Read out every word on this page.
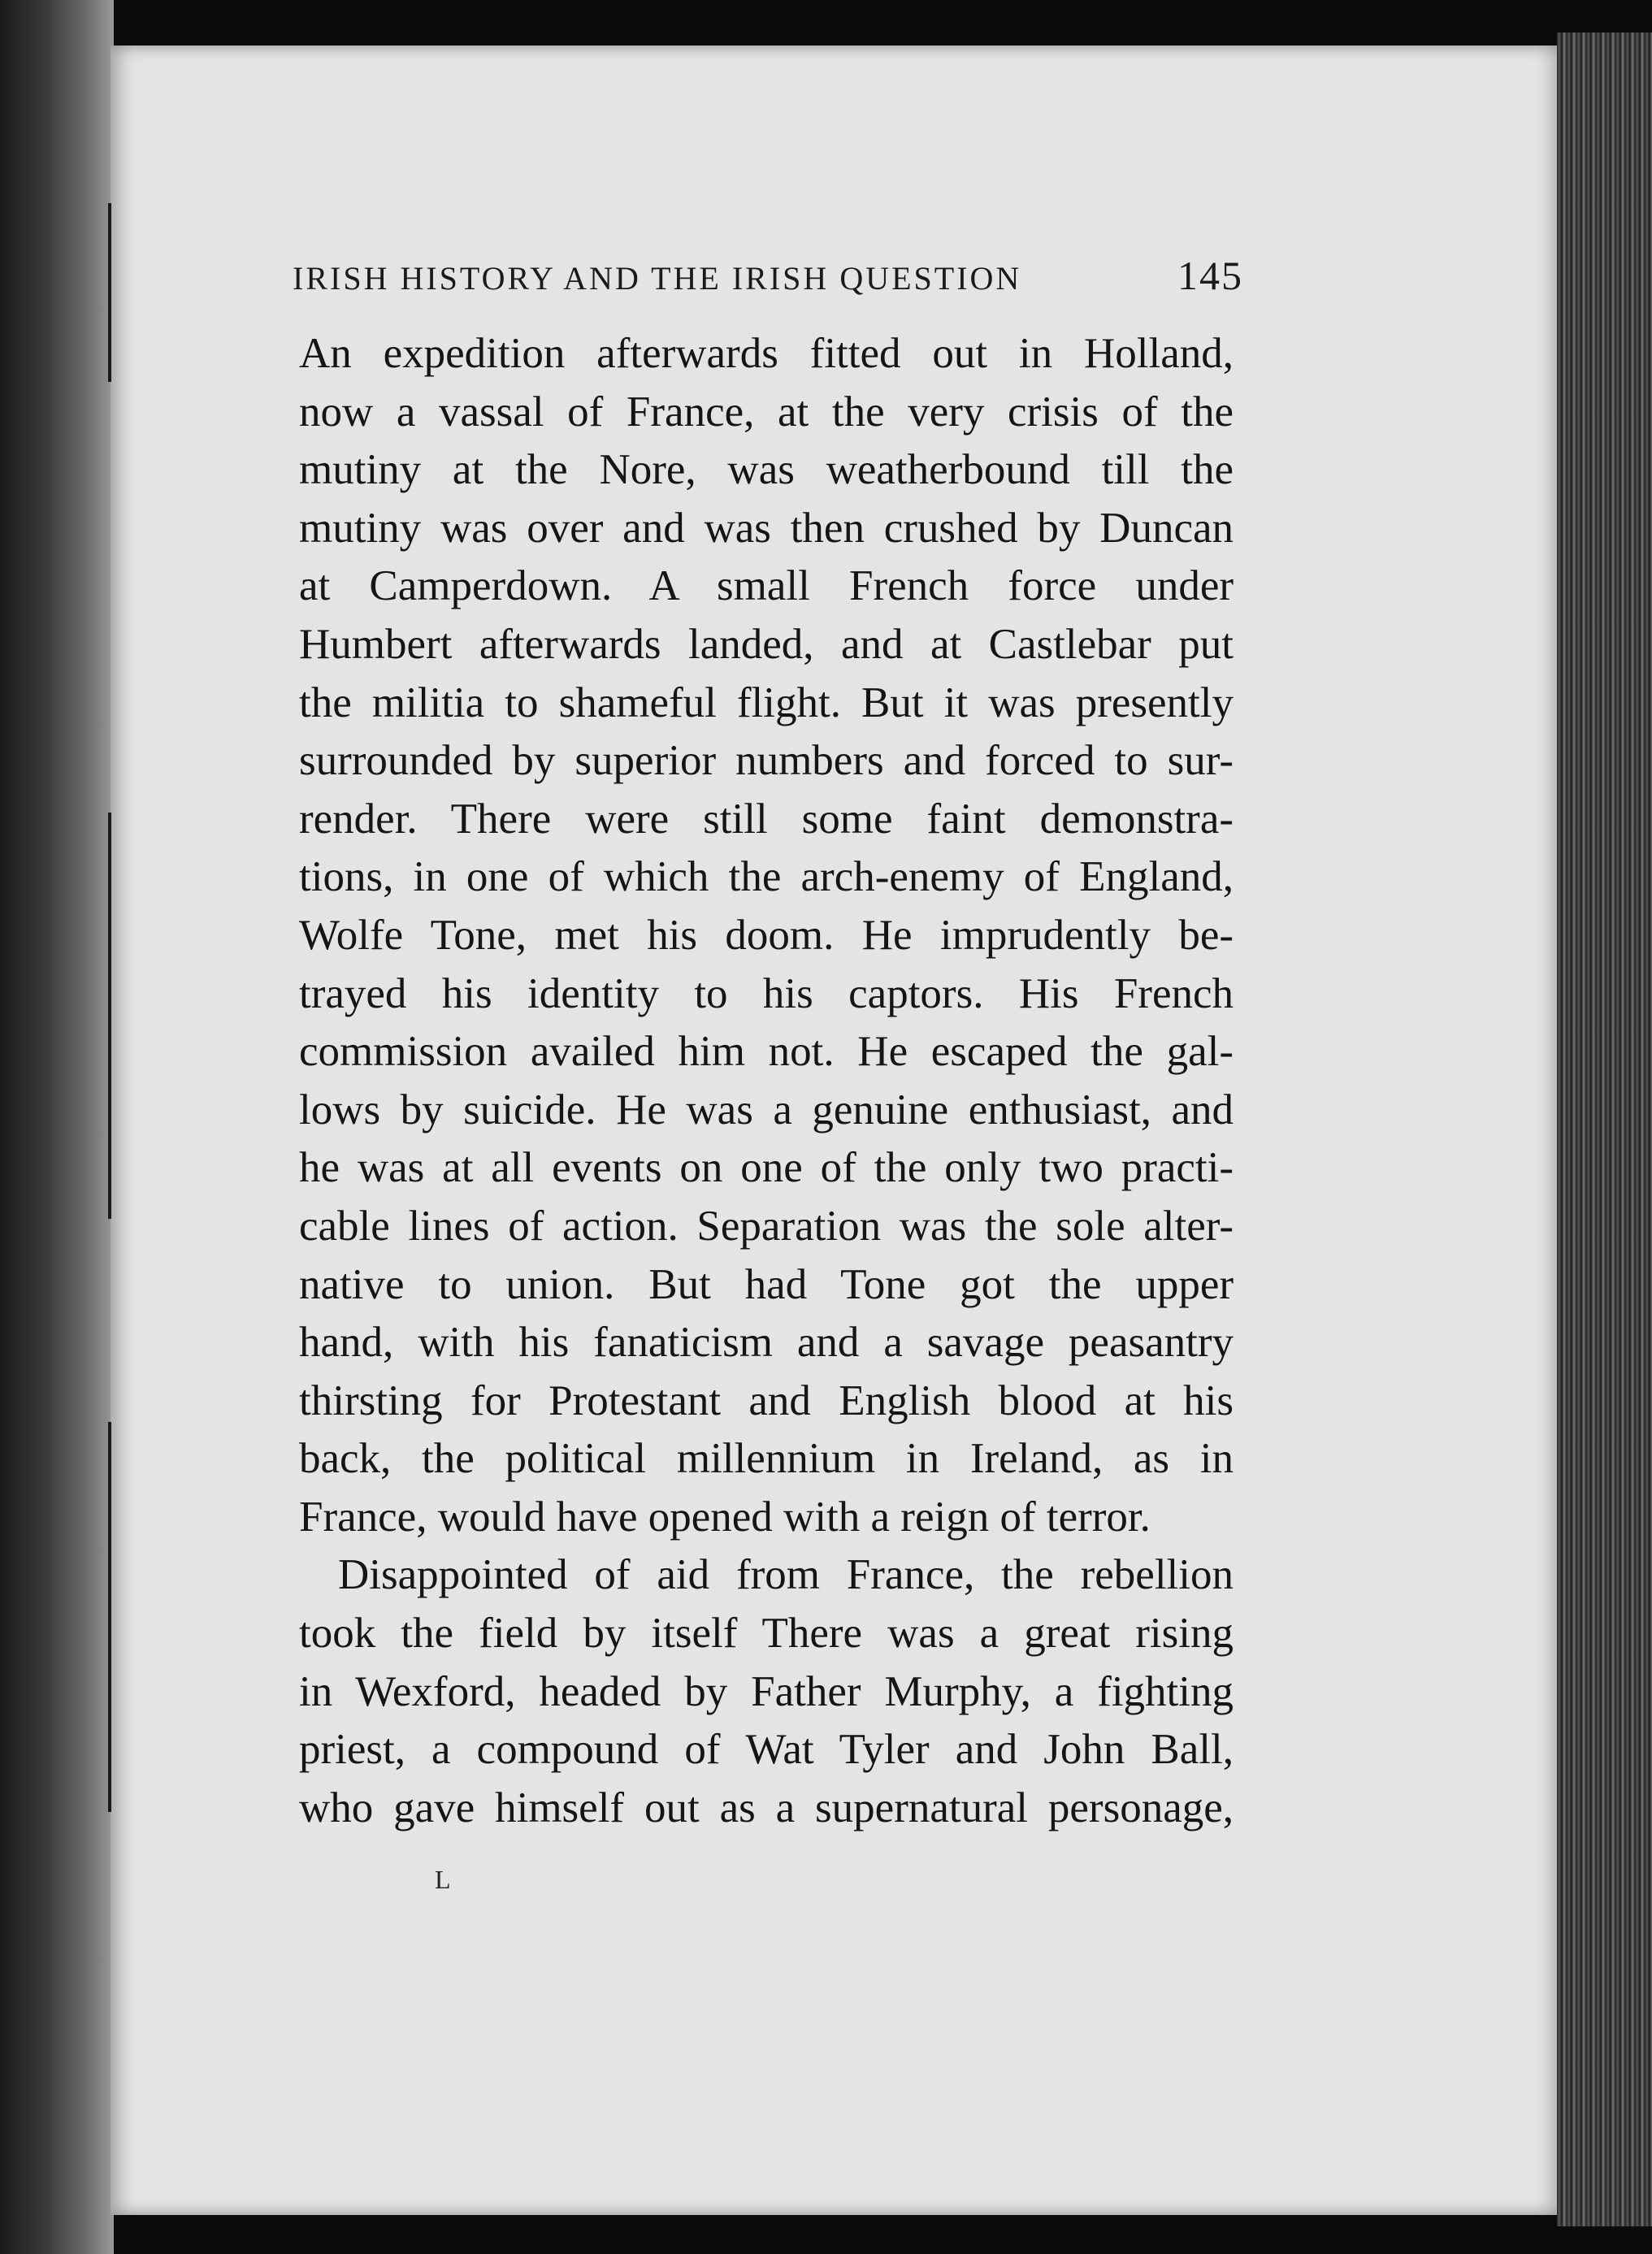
IRISH HISTORY AND THE IRISH QUESTION	145
An expedition afterwards fitted out in Holland,
now a vassal of France, at the very crisis of the
mutiny at the Nore, was weatherbound till the
mutiny was over and was then crushed by Duncan
at Camperdown. A small French force under
Humbert afterwards landed, and at Castlebar put
the militia to shameful flight. But it was presently
surrounded by superior numbers and forced to sur-
render. There were still some faint demonstra-
tions, in one of which the arch-enemy of England,
Wolfe Tone, met his doom. He imprudently be-
trayed his identity to his captors. His French
commission availed him not. He escaped the gal-
lows by suicide. He was a genuine enthusiast, and
he was at all events on one of the only two practi-
cable lines of action. Separation was the sole alter-
native to union. But had Tone got the upper
hand, with his fanaticism and a savage peasantry
thirsting for Protestant and English blood at his
back, the political millennium in Ireland, as in
France, would have opened with a reign of terror.
Disappointed of aid from France, the rebellion
took the field by itself There was a great rising
in Wexford, headed by Father Murphy, a fighting
priest, a compound of Wat Tyler and John Ball,
who gave himself out as a supernatural personage,
L
